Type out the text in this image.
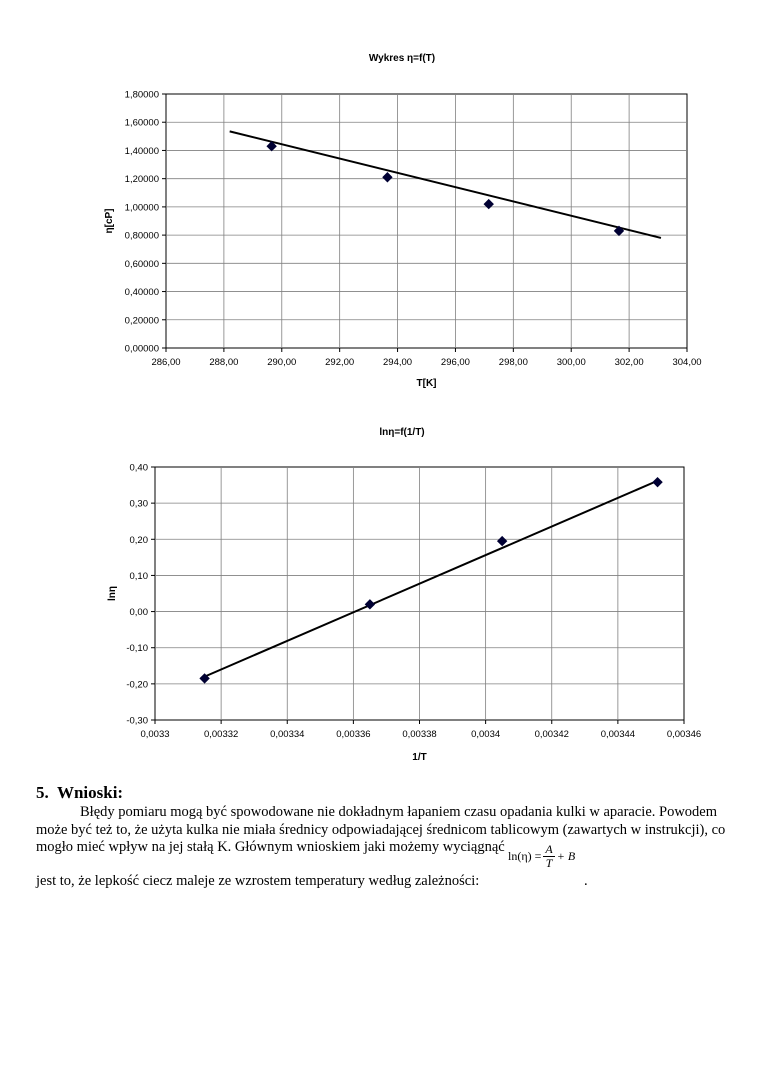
286,00	288,00	290,00	292,00	294,00	296,00	298,00	300,00	302,00	304,00
0,00000
0,20000
0,40000
0,60000
0,80000
1,00000
1,20000
1,40000
1,60000
1,80000
Wykres η=f(T)
T[K]
η[cP]
0,0033	0,00332	0,00334	0,00336	0,00338	0,0034	0,00342	0,00344	0,00346
-0,30
-0,20
-0,10
0,00
0,10
0,20
0,30
0,40
lnη=f(1/T)
1/T
lnη
5. Wnioski:

Błędy pomiaru mogą być spowodowane nie dokładnym łapaniem czasu opadania kulki w aparacie. Powodem może być też to, że użyta kulka nie miała średnicy odpowiadającej średnicom tablicowym (zawartych w instrukcji), co mogło mieć wpływ na jej stałą K. Głównym wnioskiem jaki możemy wyciągnąć

jest to, że lepkość ciecz maleje ze wzrostem temperatury według zależności:
$\ln(\eta) = \frac{A}{T} + B$
.
